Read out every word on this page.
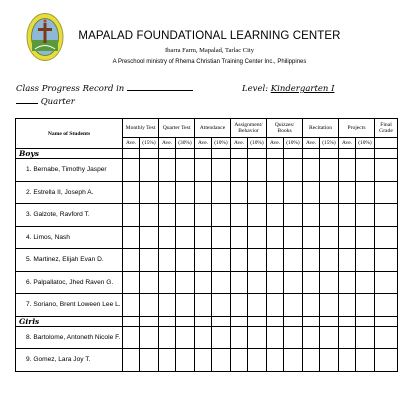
MAPALAD FOUNDATIONAL LEARNING CENTER
Ibarra Farm, Mapalad, Tarlac City
A Preschool ministry of Rhema Christian Training Center Inc., Philippines
Class Progress Record in
Quarter
Level: Kindergarten I
Name of Students	Monthly Test		Quarter Test		Attendance		Assignment/ Behavior		Quizzes/ Books		Recitation		Projects		Final Grade
	Ave.	(15%)	Ave.	(30%)	Ave.	(10%)	Ave.	(10%)	Ave.	(10%)	Ave.	(15%)	Ave.	(10%)	
Boys															
1. Bernabe, Timothy Jasper															
2. Estrella II, Joseph A.															
3. Galzote, Ravford T.															
4. Limos, Nash															
5. Martinez, Elijah Evan D.															
6. Palpallatoc, Jhed Raven G.															
7. Soriano, Brent Loween Lee L.															
Girls															
8. Bartolome, Antoneth Nicole F.															
9. Gomez, Lara Joy T.															
